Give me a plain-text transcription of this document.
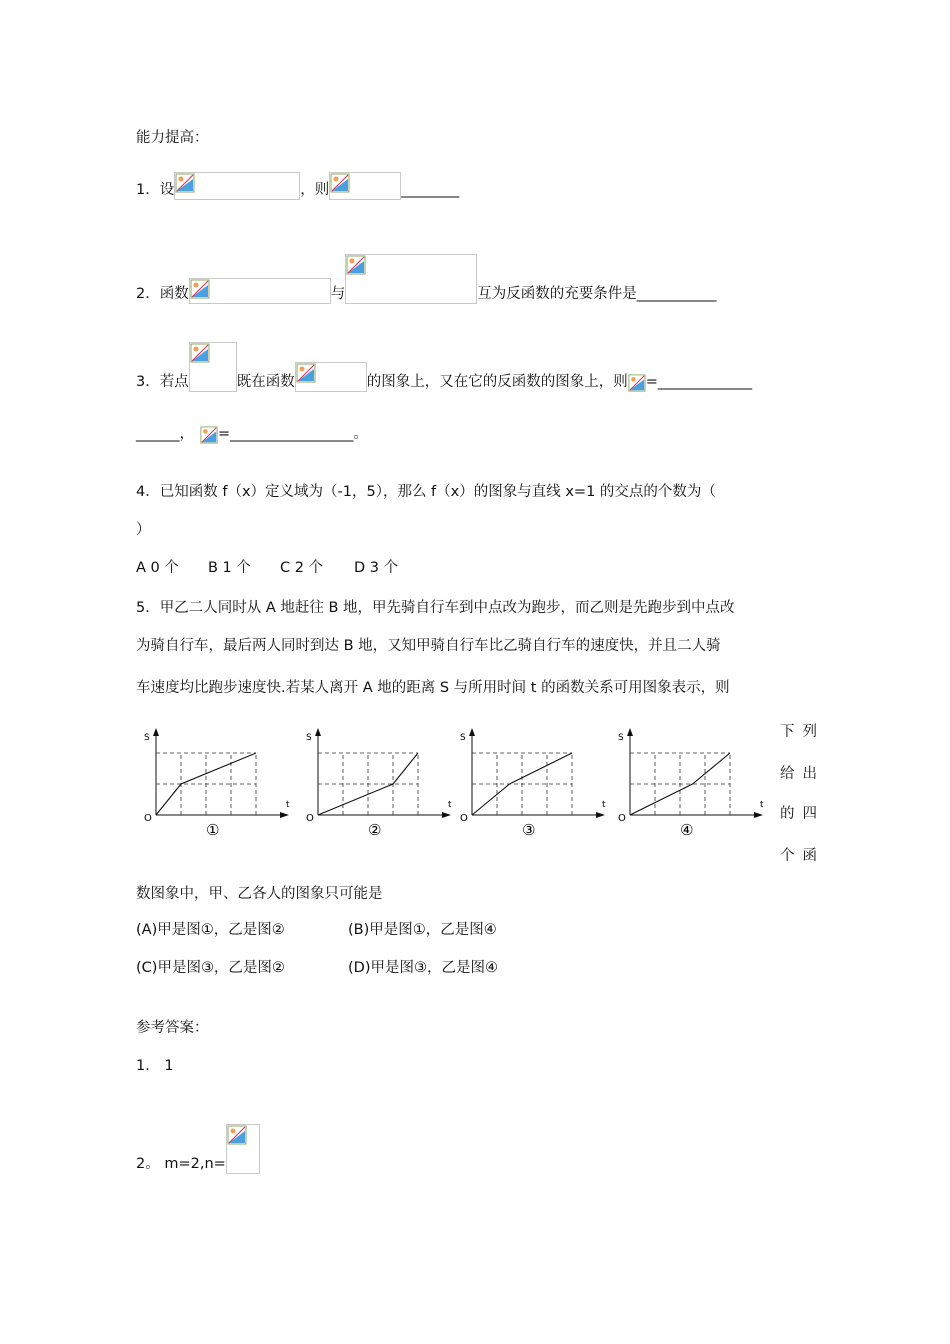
能力提高：
1．设	，则	________
2．函数	与	互为反函数的充要条件是___________
3．若点	既在函数	的图象上，又在它的反函数的图象上，则 =_____________
______， =_________________。
4．已知函数 f（x）定义域为（-1，5），那么 f（x）的图象与直线 x=1 的交点的个数为（
）
A 0 个 B 1 个 C 2 个 D 3 个
5．甲乙二人同时从 A 地赶往 B 地，甲先骑自行车到中点改为跑步，而乙则是先跑步到中点改
为骑自行车，最后两人同时到达 B 地，又知甲骑自行车比乙骑自行车的速度快，并且二人骑
车速度均比跑步速度快.若某人离开 A 地的距离 S 与所用时间 t 的函数关系可用图象表示，则
下列
给出
的四
个函
S
t
O
①
S
t
O
②
S
t
O
③
S
t
O
④
数图象中，甲、乙各人的图象只可能是
(A)甲是图①，乙是图②	(B)甲是图①，乙是图④
(C)甲是图③，乙是图②	(D)甲是图③，乙是图④
参考答案：
1． 1
2。 m=2,n=
